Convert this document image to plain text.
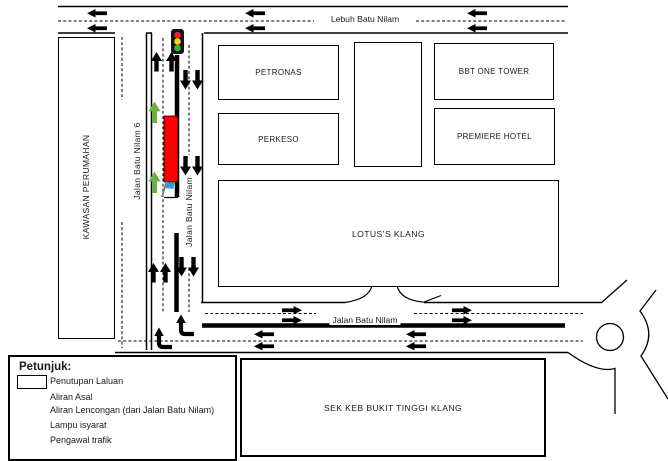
KAWASAN PERUMAHAN
PETRONAS
PERKESO
BBT ONE TOWER
PREMIERE HOTEL
LOTUS’S KLANG
SEK KEB BUKIT TINGGI KLANG
Lebuh Batu Nilam
Jalan Batu Nilam
Jalan Batu Nilam 6
Jalan Batu Nilam
Petunjuk:
Penutupan Laluan
Aliran Asal
Aliran Lencongan (dari Jalan Batu Nilam)
Lampu isyarat
Pengawal trafik
